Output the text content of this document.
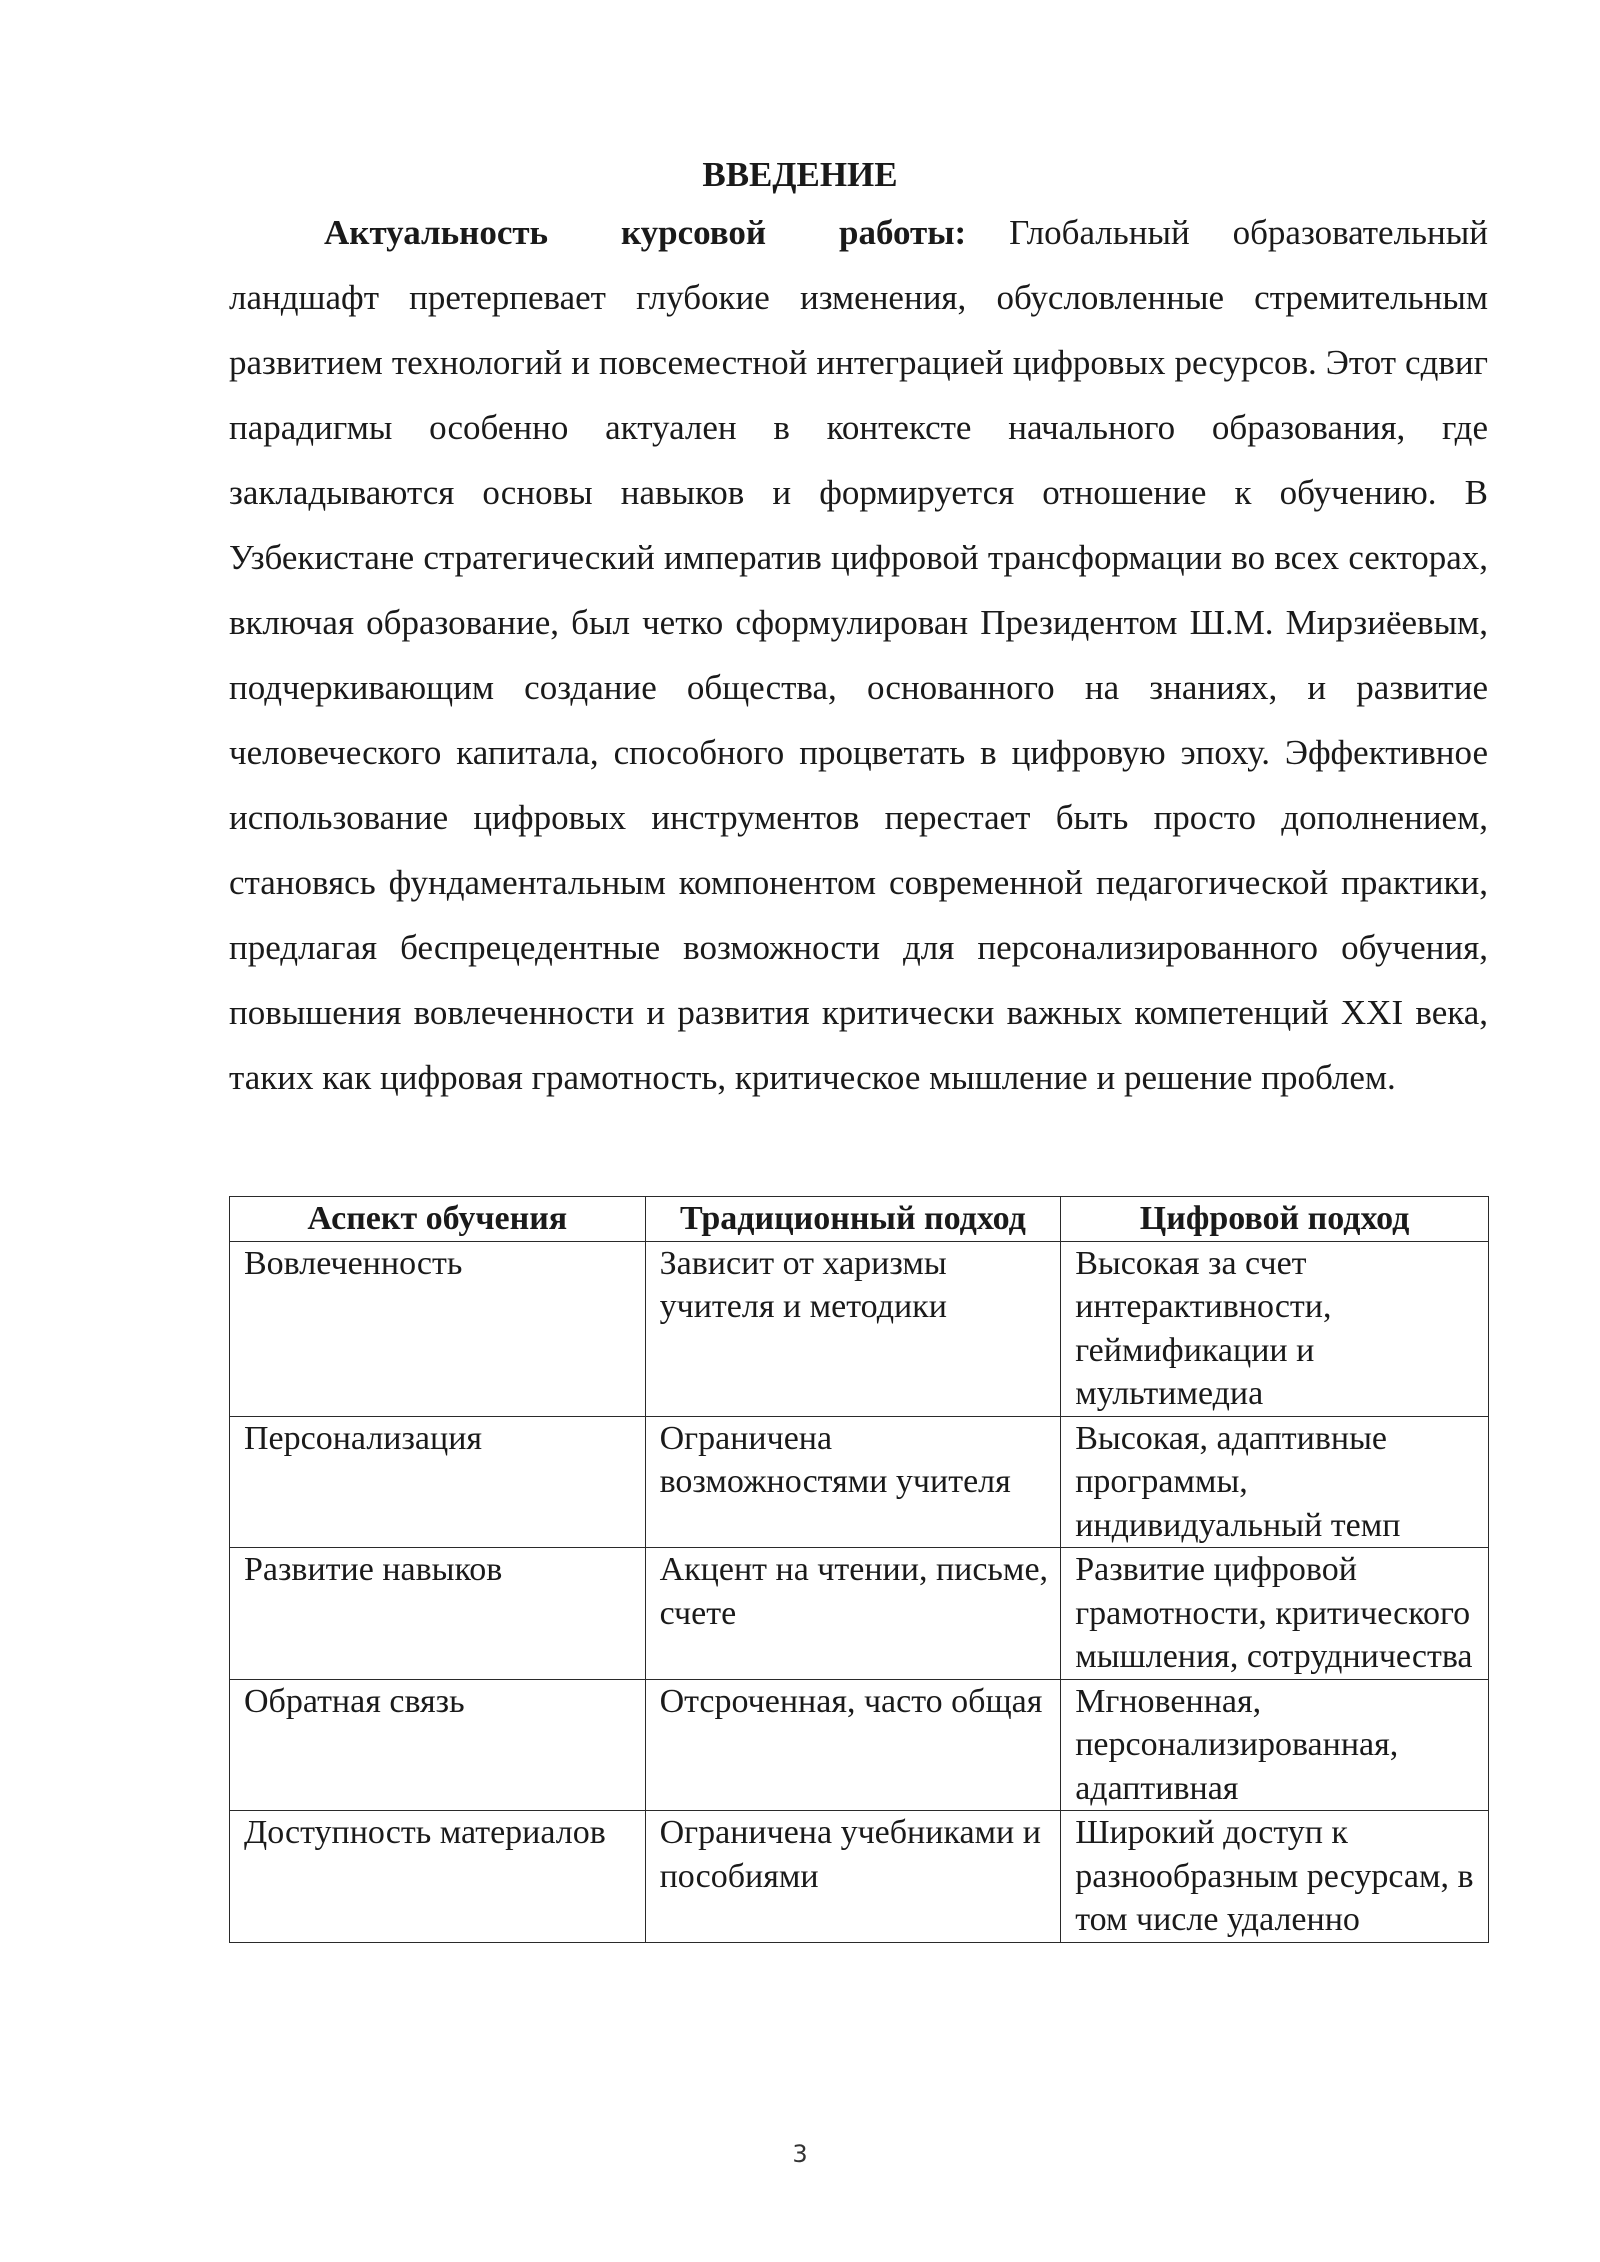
ВВЕДЕНИЕ

Актуальность курсовой работы: Глобальный образовательный ландшафт претерпевает глубокие изменения, обусловленные стремительным развитием технологий и повсеместной интеграцией цифровых ресурсов. Этот сдвиг парадигмы особенно актуален в контексте начального образования, где закладываются основы навыков и формируется отношение к обучению. В Узбекистане стратегический императив цифровой трансформации во всех секторах, включая образование, был четко сформулирован Президентом Ш.М. Мирзиёевым, подчеркивающим создание общества, основанного на знаниях, и развитие человеческого капитала, способного процветать в цифровую эпоху. Эффективное использование цифровых инструментов перестает быть просто дополнением, становясь фундаментальным компонентом современной педагогической практики, предлагая беспрецедентные возможности для персонализированного обучения, повышения вовлеченности и развития критически важных компетенций XXI века, таких как цифровая грамотность, критическое мышление и решение проблем.

Аспект обучения	Традиционный подход	Цифровой подход
Вовлеченность	Зависит от харизмы учителя и методики	Высокая за счет интерактивности, геймификации и мультимедиа
Персонализация	Ограничена возможностями учителя	Высокая, адаптивные программы, индивидуальный темп
Развитие навыков	Акцент на чтении, письме, счете	Развитие цифровой грамотности, критического мышления, сотрудничества
Обратная связь	Отсроченная, часто общая	Мгновенная, персонализированная, адаптивная
Доступность материалов	Ограничена учебниками и пособиями	Широкий доступ к разнообразным ресурсам, в том числе удаленно
3
